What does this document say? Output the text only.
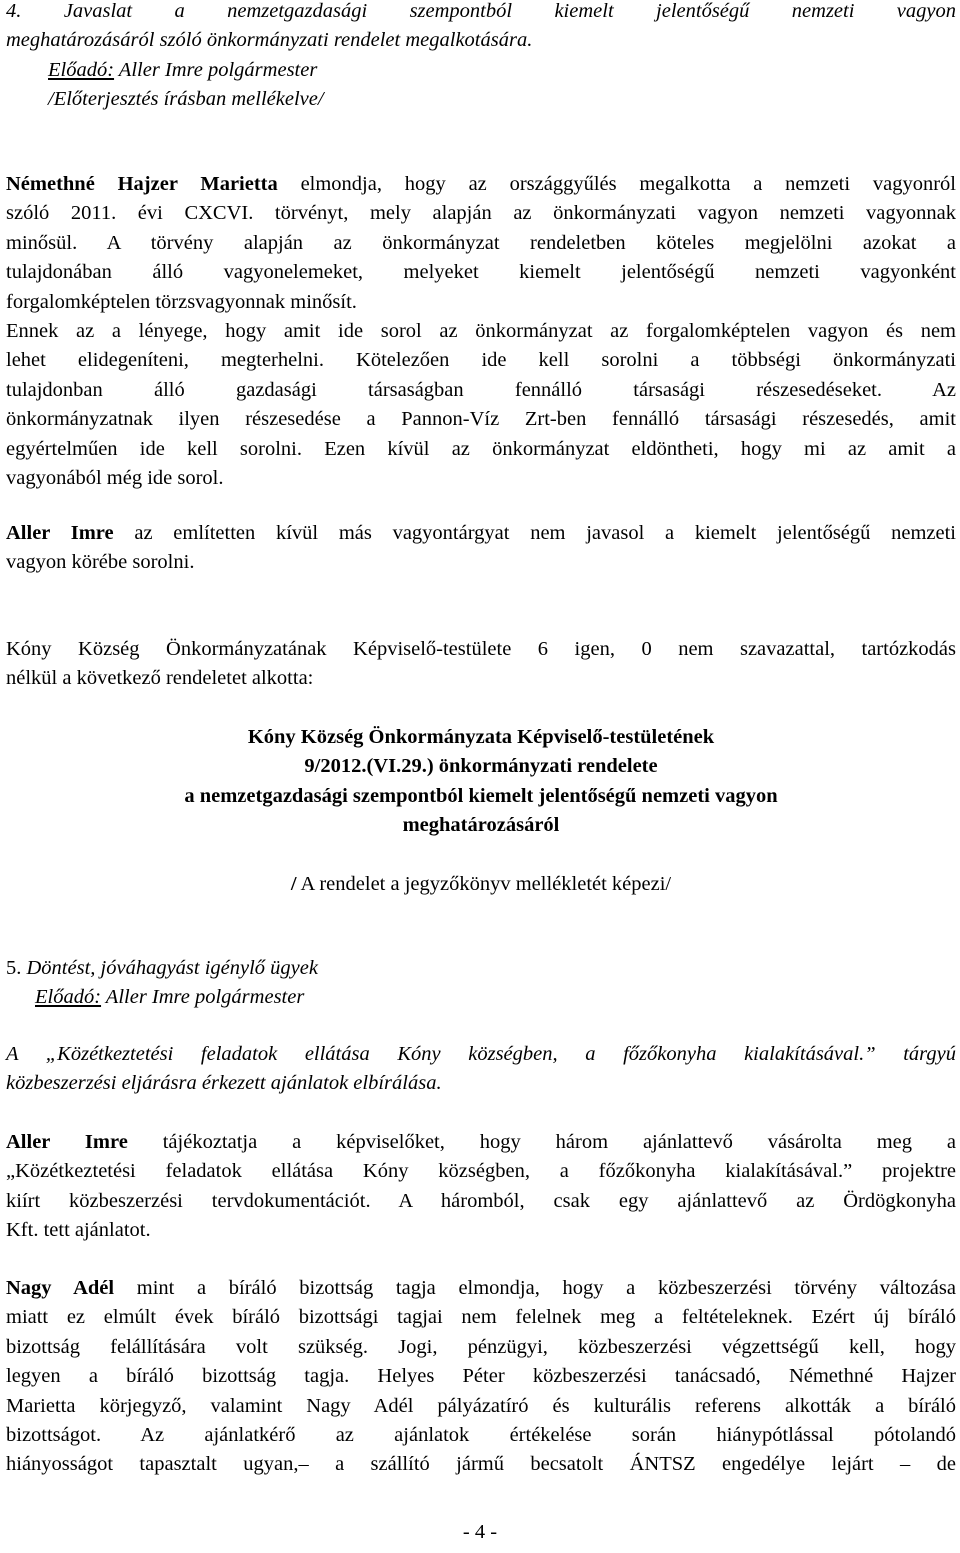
4. Javaslat a nemzetgazdasági szempontból kiemelt jelentőségű nemzeti vagyon

meghatározásáról szóló önkormányzati rendelet megalkotására.

Előadó: Aller Imre polgármester

/Előterjesztés írásban mellékelve/

Némethné Hajzer Marietta elmondja, hogy az országgyűlés megalkotta a nemzeti vagyonról

szóló 2011. évi CXCVI. törvényt, mely alapján az önkormányzati vagyon nemzeti vagyonnak

minősül. A törvény alapján az önkormányzat rendeletben köteles megjelölni azokat a

tulajdonában álló vagyonelemeket, melyeket kiemelt jelentőségű nemzeti vagyonként

forgalomképtelen törzsvagyonnak minősít.

Ennek az a lényege, hogy amit ide sorol az önkormányzat az forgalomképtelen vagyon és nem

lehet elidegeníteni, megterhelni. Kötelezően ide kell sorolni a többségi önkormányzati

tulajdonban álló gazdasági társaságban fennálló társasági részesedéseket. Az

önkormányzatnak ilyen részesedése a Pannon-Víz Zrt-ben fennálló társasági részesedés, amit

egyértelműen ide kell sorolni. Ezen kívül az önkormányzat eldöntheti, hogy mi az amit a

vagyonából még ide sorol.

Aller Imre az említetten kívül más vagyontárgyat nem javasol a kiemelt jelentőségű nemzeti

vagyon körébe sorolni.

Kóny Község Önkormányzatának Képviselő-testülete 6 igen, 0 nem szavazattal, tartózkodás

nélkül a következő rendeletet alkotta:

Kóny Község Önkormányzata Képviselő-testületének

9/2012.(VI.29.) önkormányzati rendelete

a nemzetgazdasági szempontból kiemelt jelentőségű nemzeti vagyon

meghatározásáról

/ A rendelet a jegyzőkönyv mellékletét képezi/

5. Döntést, jóváhagyást igénylő ügyek

Előadó: Aller Imre polgármester

A „Közétkeztetési feladatok ellátása Kóny községben, a főzőkonyha kialakításával.” tárgyú

közbeszerzési eljárásra érkezett ajánlatok elbírálása.

Aller Imre tájékoztatja a képviselőket, hogy három ajánlattevő vásárolta meg a

„Közétkeztetési feladatok ellátása Kóny községben, a főzőkonyha kialakításával.” projektre

kiírt közbeszerzési tervdokumentációt. A háromból, csak egy ajánlattevő az Ördögkonyha

Kft. tett ajánlatot.

Nagy Adél mint a bíráló bizottság tagja elmondja, hogy a közbeszerzési törvény változása

miatt ez elmúlt évek bíráló bizottsági tagjai nem felelnek meg a feltételeknek. Ezért új bíráló

bizottság felállítására volt szükség. Jogi, pénzügyi, közbeszerzési végzettségű kell, hogy

legyen a bíráló bizottság tagja. Helyes Péter közbeszerzési tanácsadó, Némethné Hajzer

Marietta körjegyző, valamint Nagy Adél pályázatíró és kulturális referens alkották a bíráló

bizottságot. Az ajánlatkérő az ajánlatok értékelése során hiánypótlással pótolandó

hiányosságot tapasztalt ugyan,– a szállító jármű becsatolt ÁNTSZ engedélye lejárt – de

- 4 -
